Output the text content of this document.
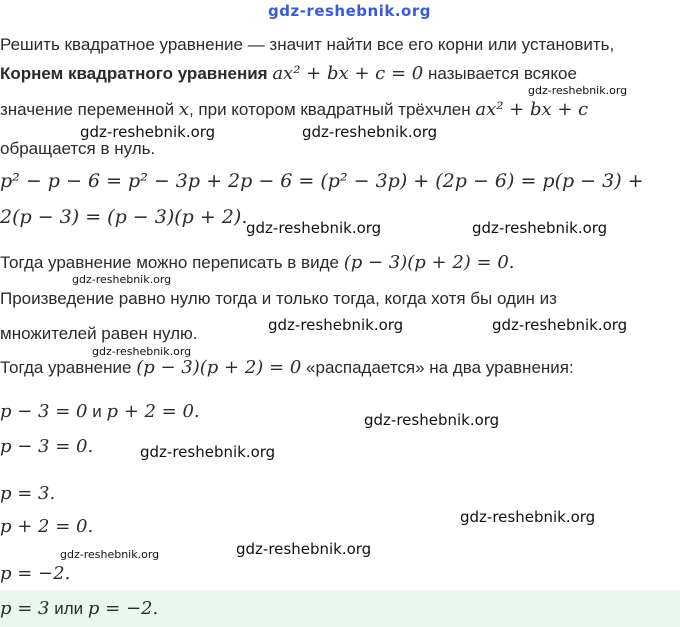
gdz-reshebnik.org
Решить квадратное уравнение — значит найти все его корни или установить,
Корнем квадратного уравнения ax² + bx + c = 0 называется всякое
значение переменной x, при котором квадратный трёхчлен ax² + bx + c
обращается в нуль.
p² − p − 6 = p² − 3p + 2p − 6 = (p² − 3p) + (2p − 6) = p(p − 3) +
2(p − 3) = (p − 3)(p + 2).
Тогда уравнение можно переписать в виде (p − 3)(p + 2) = 0.
Произведение равно нулю тогда и только тогда, когда хотя бы один из
множителей равен нулю.
Тогда уравнение (p − 3)(p + 2) = 0 «распадается» на два уравнения:
p − 3 = 0 и p + 2 = 0.
p − 3 = 0.
p = 3.
p + 2 = 0.
p = −2.
p = 3 или p = −2.
gdz-reshebnik.org
gdz-reshebnik.org	gdz-reshebnik.org
gdz-reshebnik.org	gdz-reshebnik.org
gdz-reshebnik.org
gdz-reshebnik.org	gdz-reshebnik.org
gdz-reshebnik.org
gdz-reshebnik.org
gdz-reshebnik.org
gdz-reshebnik.org
gdz-reshebnik.org
gdz-reshebnik.org
